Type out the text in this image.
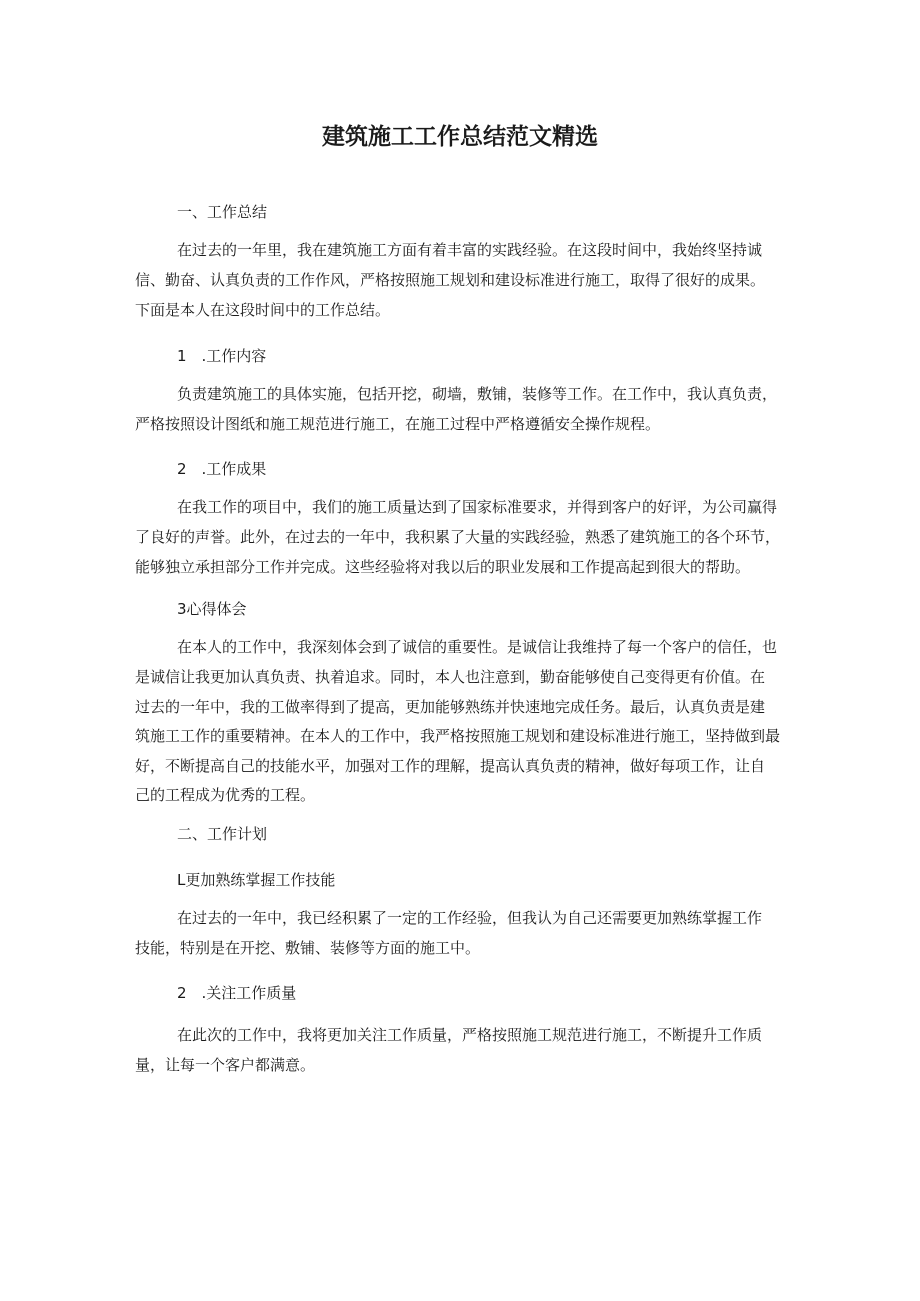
建筑施工工作总结范文精选
一、工作总结
在过去的一年里，我在建筑施工方面有着丰富的实践经验。在这段时间中，我始终坚持诚
信、勤奋、认真负责的工作作风，严格按照施工规划和建设标准进行施工，取得了很好的成果。
下面是本人在这段时间中的工作总结。
1　.工作内容
负责建筑施工的具体实施，包括开挖，砌墙，敷铺，装修等工作。在工作中，我认真负责，
严格按照设计图纸和施工规范进行施工，在施工过程中严格遵循安全操作规程。
2　.工作成果
在我工作的项目中，我们的施工质量达到了国家标准要求，并得到客户的好评，为公司赢得
了良好的声誉。此外，在过去的一年中，我积累了大量的实践经验，熟悉了建筑施工的各个环节，
能够独立承担部分工作并完成。这些经验将对我以后的职业发展和工作提高起到很大的帮助。
3心得体会
在本人的工作中，我深刻体会到了诚信的重要性。是诚信让我维持了每一个客户的信任，也
是诚信让我更加认真负责、执着追求。同时，本人也注意到，勤奋能够使自己变得更有价值。在
过去的一年中，我的工做率得到了提高，更加能够熟练并快速地完成任务。最后，认真负责是建
筑施工工作的重要精神。在本人的工作中，我严格按照施工规划和建设标准进行施工，坚持做到最
好，不断提高自己的技能水平，加强对工作的理解，提高认真负责的精神，做好每项工作，让自
己的工程成为优秀的工程。
二、工作计划
L更加熟练掌握工作技能
在过去的一年中，我已经积累了一定的工作经验，但我认为自己还需要更加熟练掌握工作
技能，特别是在开挖、敷铺、装修等方面的施工中。
2　.关注工作质量
在此次的工作中，我将更加关注工作质量，严格按照施工规范进行施工，不断提升工作质
量，让每一个客户都满意。
